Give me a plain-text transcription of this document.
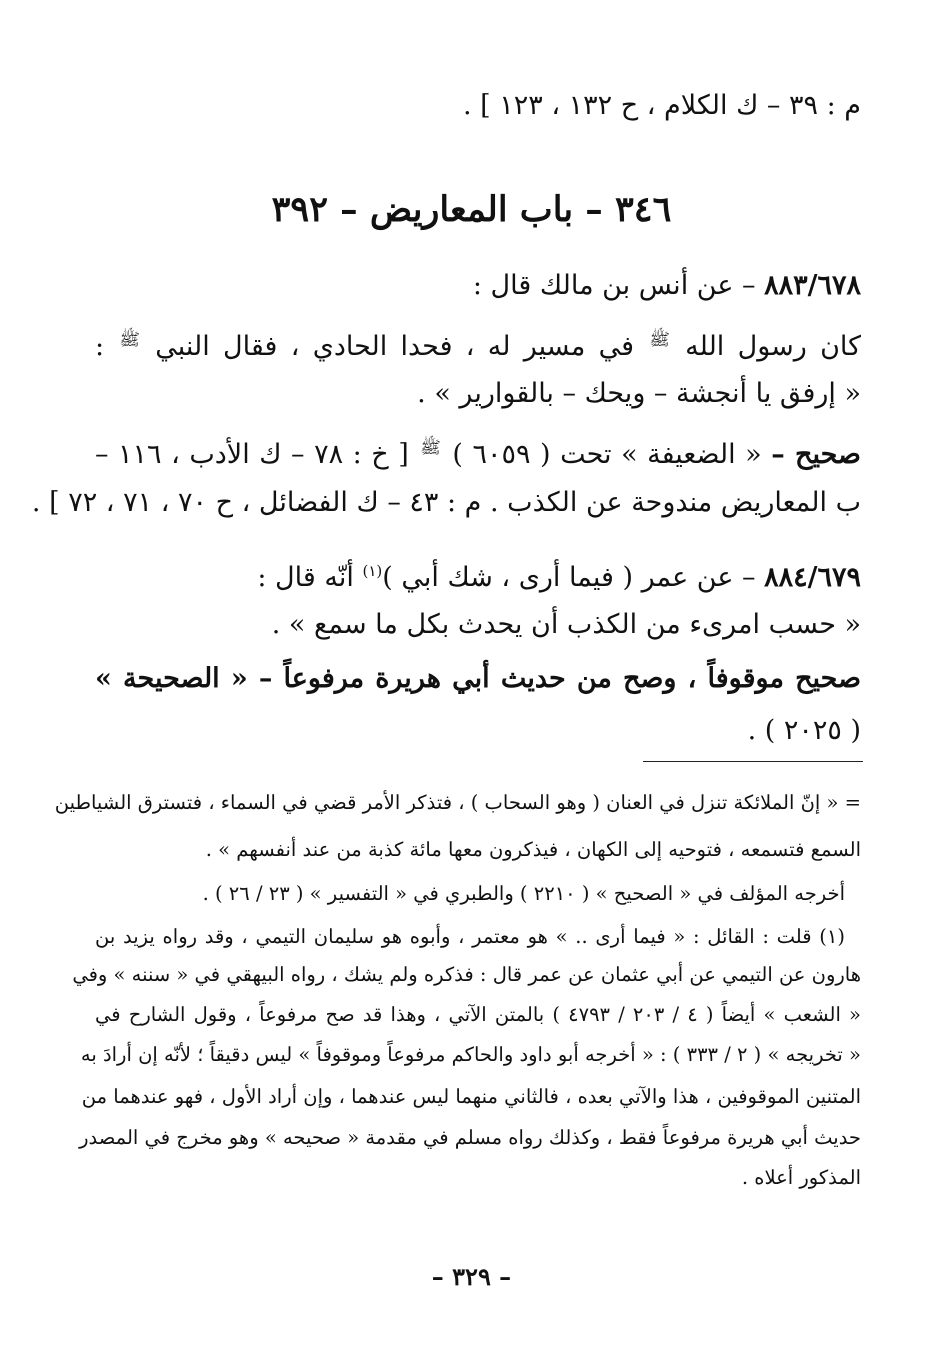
م : ٣٩ – ك الكلام ، ح ١٣٢ ، ١٢٣ ] .
٣٤٦ – باب المعاريض – ٣٩٢
٨٨٣/٦٧٨ – عن أنس بن مالك قال :
كان رسول الله $^ﷺ$ في مسير له ، فحدا الحادي ، فقال النبي $^ﷺ$ :
« إرفق يا أنجشة – ويحك – بالقوارير » .
صحيح – « الضعيفة » تحت ( ٦٠٥٩ ) $^ﷺ$ [ خ : ٧٨ – ك الأدب ، ١١٦ –
ب المعاريض مندوحة عن الكذب . م : ٤٣ – ك الفضائل ، ح ٧٠ ، ٧١ ، ٧٢ ] .
٨٨٤/٦٧٩ – عن عمر ( فيما أرى ، شك أبي )$^{(١)}$ أنّه قال :
« حسب امرىء من الكذب أن يحدث بكل ما سمع » .
صحيح موقوفاً ، وصح من حديث أبي هريرة مرفوعاً – « الصحيحة »
( ٢٠٢٥ ) .
= « إنّ الملائكة تنزل في العنان ( وهو السحاب ) ، فتذكر الأمر قضي في السماء ، فتسترق الشياطين
السمع فتسمعه ، فتوحيه إلى الكهان ، فيذكرون معها مائة كذبة من عند أنفسهم » .
أخرجه المؤلف في « الصحيح » ( ٢٢١٠ ) والطبري في « التفسير » ( ٢٣ / ٢٦ ) .
(١) قلت : القائل : « فيما أرى .. » هو معتمر ، وأبوه هو سليمان التيمي ، وقد رواه يزيد بن
هارون عن التيمي عن أبي عثمان عن عمر قال : فذكره ولم يشك ، رواه البيهقي في « سننه » وفي
« الشعب » أيضاً ( ٤ / ٢٠٣ / ٤٧٩٣ ) بالمتن الآتي ، وهذا قد صح مرفوعاً ، وقول الشارح في
« تخريجه » ( ٢ / ٣٣٣ ) : « أخرجه أبو داود والحاكم مرفوعاً وموقوفاً » ليس دقيقاً ؛ لأنّه إن أرادَ به
المتنين الموقوفين ، هذا والآتي بعده ، فالثاني منهما ليس عندهما ، وإن أراد الأول ، فهو عندهما من
حديث أبي هريرة مرفوعاً فقط ، وكذلك رواه مسلم في مقدمة « صحيحه » وهو مخرج في المصدر
المذكور أعلاه .
– ٣٢٩ –
